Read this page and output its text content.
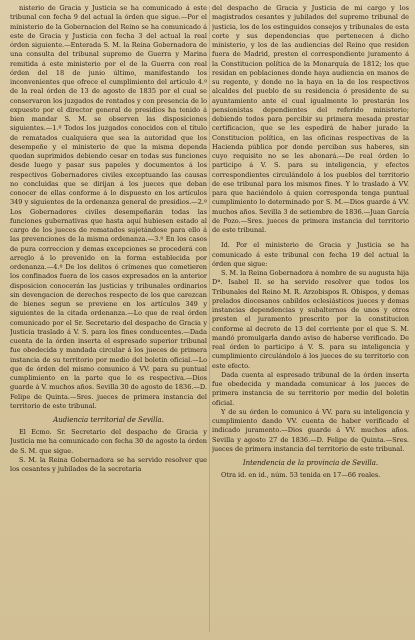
nisterio de Gracia y Justicia se ha comunicado á este tribunal con fecha 9 del actual la órden que sigue.—Por el ministerio de la Gobernacion del Reino se ha comunicado á este de Gracia y Justicia con fecha 3 del actual la real órden siguiente.—Enterada S. M. la Reina Gobernadora de una consulta del tribunal supremo de Guerra y Marina remitida á este ministerio por el de la Guerra con real órden del 18 de junio último, manifestando los inconvenientes que ofrece el cumplimiento del artículo 4.º de la real órden de 13 de agosto de 1835 por el cual se conservaron los juzgados de rentados y con presencia de lo expuesto por el director general de presidios ha tenido á bien mandar S. M. se observen las disposiciones siguientes.—1.º Todos los juzgados conocidos con el título de rematados cualquiera que sea la autoridad que los desempeñe y el ministerio de que la misma dependa quedan suprimidos debiendo cesar en todas sus funciones desde luego y pasar sus papeles y documentos á los respectivos Gobernadores civiles exceptuando las causas no concluidas que se dirijan á los jueces que deban conocer de ellas conforme á lo dispuesto en los artículos 349 y siguientes de la ordenanza general de presidios.—2.º Los Gobernadores civiles desempeñarán todas las funciones gubernativas que hasta aquí hubiesen estado al cargo de los jueces de rematados sujetándose para ello á las prevenciones de la misma ordenanza.—3.º En los casos de pura correccion y demas excepciones se procederá con arreglo á lo prevenido en la forma establecida por ordenanza.—4.º De los delitos ó crímenes que cometieren los confinados fuera de los casos expresados en la anterior disposicion conocerán las justicias y tribunales ordinarios sin devengacion de derechos respecto de los que carezcan de bienes segun se previene en los artículos 349 y siguientes de la citada ordenanza.—Lo que de real órden comunicado por el Sr. Secretario del despacho de Gracia y Justicia traslado á V. S. para los fines conducentes.—Dada cuenta de la órden inserta el espresado superior tribunal fue obedecida y mandada circular á los jueces de primera instancia de su territorio por medio del boletin oficial.—Lo que de órden del mismo comunico á VV. para su puntual cumplimiento en la parte que le es respectiva.—Dios guarde á V. muchos años. Sevilla 30 de agosto de 1836.—D. Felipe de Quinta.—Sres. jueces de primera instancia del territorio de este tribunal.

Audiencia territorial de Sevilla.

El Ecmo. Sr. Secretario del despacho de Gracia y Justicia me ha comunicado con fecha 30 de agosto la órden de S. M. que sigue.

S. M. la Reina Gobernadora se ha servido resolver que los cesantes y jubilados de la secretaria

del despacho de Gracia y Justicia de mi cargo y los magistrados cesantes y jubilados del supremo tribunal de justicia, los de los estinguidos consejos y tribunales de esta corte y sus dependencias que pertenecen á dicho ministerio, y los de las audiencias del Reino que residen fuera de Madrid, presten el correspondiente juramento á la Constitucion política de la Monarquía de 1812; los que residan en poblaciones donde haya audiencia en manos de su regente, y donde no la haya en la de los respectivos alcaldes del pueblo de su residencia ó presidente de su ayuntamiento ante el cual igualmente lo prestarán los pensionistas dependientes del referido ministerio; debiendo todos para percibir su primera mesada prestar certificacion, que se les espedirá de haber jurado la Constitucion política, en las oficinas respectivas de la Hacienda pública por donde perciban sus haberes, sin cuyo requisito no se les abonará.—De real órden lo participo á V. S. para su inteligencia, y efectos correspondientes circulándolo á los pueblos del territorio de ese tribunal para los mismos fines. Y lo traslado á VV. para que haciéndolo á quien corresponda tenga puntual cumplimiento lo determinado por S. M.—Dios guarde á VV. muchos años. Sevilla 3 de setiembre de 1836.—Juan García de Pozo.—Sres. jueces de primera instancia del territorio de este tribunal.

Id. Por el ministerio de Gracia y Justicia se ha comunicado á este tribunal con fecha 19 del actual la órden que sigue:

S. M. la Reina Gobernadora á nombre de su augusta hija Dª. Isabel II. se ha servido resolver que todos los Tribunales del Reino M. R. Arzobispos R. Obispos, y demas prelados diocesanos cabildos eclesiásticos jueces y demas instancias dependencias y subalternos de unos y otros presten el juramento prescrito por la constitucion conforme al decreto de 13 del corriente por el que S. M. mandó promulgarla dando aviso de haberse verificado. De real órden lo participo á V. S. para su inteligencia y cumplimiento circulándolo á los jueces de su territorio con este efecto.

Dada cuenta al espresado tribunal de la órden inserta fue obedecida y mandada comunicar á los jueces de primera instancia de su territorio por medio del boletin oficial.

Y de su órden lo comunico á VV. para su inteligencia y cumplimiento dando VV. cuenta de haber verificado el indicado juramento.—Dios guarde á VV. muchos años. Sevilla y agosto 27 de 1836.—D. Felipe de Quinta.—Sres. jueces de primera instancia del territorio de este tribunal.

Intendencia de la provincia de Sevilla.

Otra id. en id., núm. 53 tenida en 17—66 reales.
